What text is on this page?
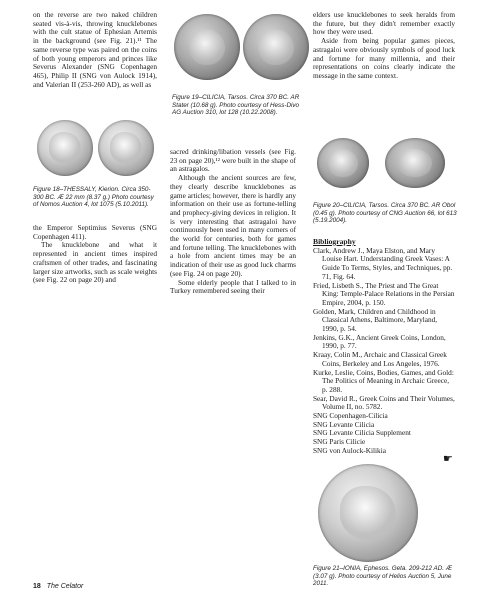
on the reverse are two naked children seated vis-à-vis, throwing knucklebones with the cult statue of Ephesian Artemis in the background (see Fig. 21).¹¹ The same reverse type was paired on the coins of both young emperors and princes like Severus Alexander (SNG Copenhagen 465), Philip II (SNG von Aulock 1914), and Valerian II (253-260 AD), as well as

Figure 18–THESSALY, Kierion. Circa 350-300 BC. Æ 22 mm (8.37 g.) Photo courtesy of Nomos Auction 4, lot 1075 (5.10.2011).

the Emperor Septimius Severus (SNG Copenhagen 411).

The knucklebone and what it represented in ancient times inspired craftsmen of other trades, and fascinating larger size artworks, such as scale weights (see Fig. 22 on page 20) and

Figure 19–CILICIA, Tarsos. Circa 370 BC. AR Stater (10.68 g). Photo courtesy of Hess-Divo AG Auction 310, lot 128 (10.22.2008).

sacred drinking/libation vessels (see Fig. 23 on page 20),¹² were built in the shape of an astragalos.

Although the ancient sources are few, they clearly describe knucklebones as game articles; however, there is hardly any information on their use as fortune-telling and prophecy-giving devices in religion. It is very interesting that astragaloi have continuously been used in many corners of the world for centuries, both for games and fortune telling. The knucklebones with a hole from ancient times may be an indication of their use as good luck charms (see Fig. 24 on page 20).

Some elderly people that I talked to in Turkey remembered seeing their

elders use knucklebones to seek heralds from the future, but they didn't remember exactly how they were used.

Aside from being popular games pieces, astragaloi were obviously symbols of good luck and fortune for many millennia, and their representations on coins clearly indicate the message in the same context.

Figure 20–CILICIA, Tarsos. Circa 370 BC. AR Obol (0.45 g). Photo courtesy of CNG Auction 66, lot 613 (5.19.2004).

Bibliography

Clark, Andrew J., Maya Elston, and Mary Louise Hart. Understanding Greek Vases: A Guide To Terms, Styles, and Techniques, pp. 71, Fig. 64.

Fried, Lisbeth S., The Priest and The Great King: Temple-Palace Relations in the Persian Empire, 2004, p. 150.

Golden, Mark, Children and Childhood in Classical Athens, Baltimore, Maryland, 1990, p. 54.

Jenkins, G.K., Ancient Greek Coins, London, 1990, p. 77.

Kraay, Colin M., Archaic and Classical Greek Coins, Berkeley and Los Angeles, 1976.

Kurke, Leslie, Coins, Bodies, Games, and Gold: The Politics of Meaning in Archaic Greece, p. 288.

Sear, David R., Greek Coins and Their Volumes, Volume II, no. 5782.

SNG Copenhagen-Cilicia

SNG Levante Cilicia

SNG Levante Cilicia Supplement

SNG Paris Cilicie

SNG von Aulock-Kilikia

☛
Figure 21–IONIA, Ephesos. Geta. 209-212 AD. Æ (3.07 g). Photo courtesy of Helios Auction 5, June 2011.
18 The Celator
